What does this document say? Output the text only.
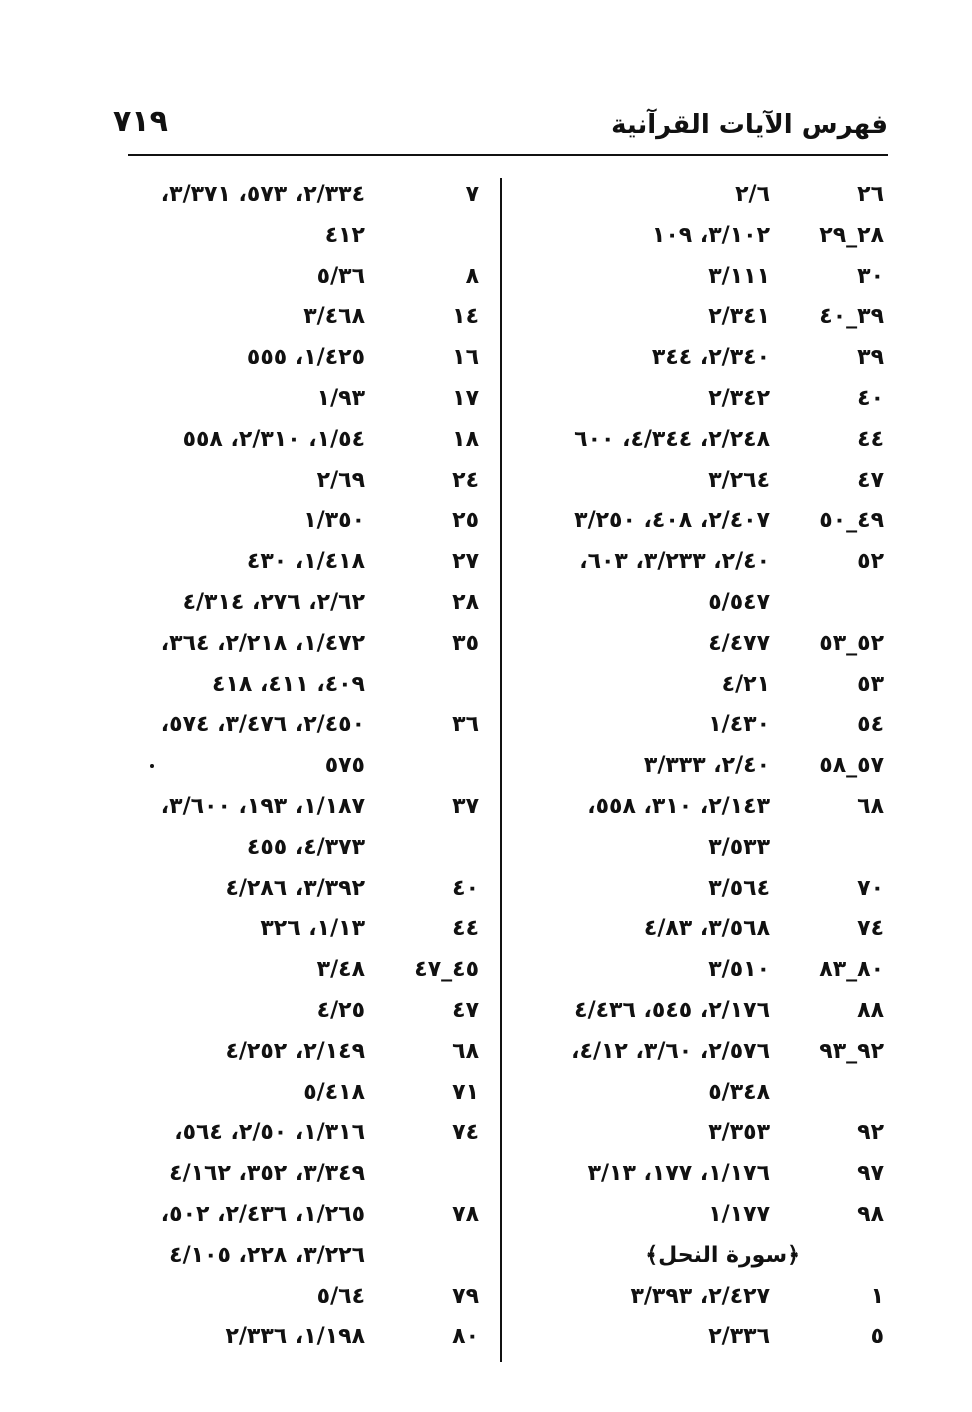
فهرس الآيات القرآنية
٧١٩
٢٦
٢/٦
٢٨_٢٩
٣/١٠٢، ١٠٩
٣٠
٣/١١١
٣٩_٤٠
٢/٣٤١
٣٩
٢/٣٤٠، ٣٤٤
٤٠
٢/٣٤٢
٤٤
٢/٢٤٨، ٤/٣٤٤، ٦٠٠
٤٧
٣/٢٦٤
٤٩_٥٠
٢/٤٠٧، ٤٠٨، ٣/٢٥٠
٥٢
٢/٤٠، ٣/٢٣٣، ٦٠٣،
٥/٥٤٧
٥٢_٥٣
٤/٤٧٧
٥٣
٤/٢١
٥٤
١/٤٣٠
٥٧_٥٨
٢/٤٠، ٣/٣٣٣
٦٨
٢/١٤٣، ٣١٠، ٥٥٨،
٣/٥٣٣
٧٠
٣/٥٦٤
٧٤
٣/٥٦٨، ٤/٨٣
٨٠_٨٣
٣/٥١٠
٨٨
٢/١٧٦، ٥٤٥، ٤/٤٣٦
٩٢_٩٣
٢/٥٧٦، ٣/٦٠، ٤/١٢،
٥/٣٤٨
٩٢
٣/٣٥٣
٩٧
١/١٧٦، ١٧٧، ٣/١٣
٩٨
١/١٧٧
﴿سورة النحل﴾
١
٢/٤٢٧، ٣/٣٩٣
٥
٢/٣٣٦
٧
٢/٣٣٤، ٥٧٣، ٣/٣٧١،
٤١٢
٨
٥/٣٦
١٤
٣/٤٦٨
١٦
١/٤٢٥، ٥٥٥
١٧
١/٩٣
١٨
١/٥٤، ٢/٣١٠، ٥٥٨
٢٤
٢/٦٩
٢٥
١/٣٥٠
٢٧
١/٤١٨، ٤٣٠
٢٨
٢/٦٢، ٢٧٦، ٤/٣١٤
٣٥
١/٤٧٢، ٢/٢١٨، ٣٦٤،
٤٠٩، ٤١١، ٤١٨
٣٦
٢/٤٥٠، ٣/٤٧٦، ٥٧٤،
٥٧٥
٣٧
١/١٨٧، ١٩٣، ٣/٦٠٠،
٤/٣٧٣، ٤٥٥
٤٠
٣/٣٩٢، ٤/٢٨٦
٤٤
١/١٣، ٣٢٦
٤٥_٤٧
٣/٤٨
٤٧
٤/٢٥
٦٨
٢/١٤٩، ٤/٢٥٢
٧١
٥/٤١٨
٧٤
١/٣١٦، ٢/٥٠، ٥٦٤،
٣/٣٤٩، ٣٥٢، ٤/١٦٢
٧٨
١/٢٦٥، ٢/٤٣٦، ٥٠٢،
٣/٢٢٦، ٢٢٨، ٤/١٠٥
٧٩
٥/٦٤
٨٠
١/١٩٨، ٢/٣٣٦
